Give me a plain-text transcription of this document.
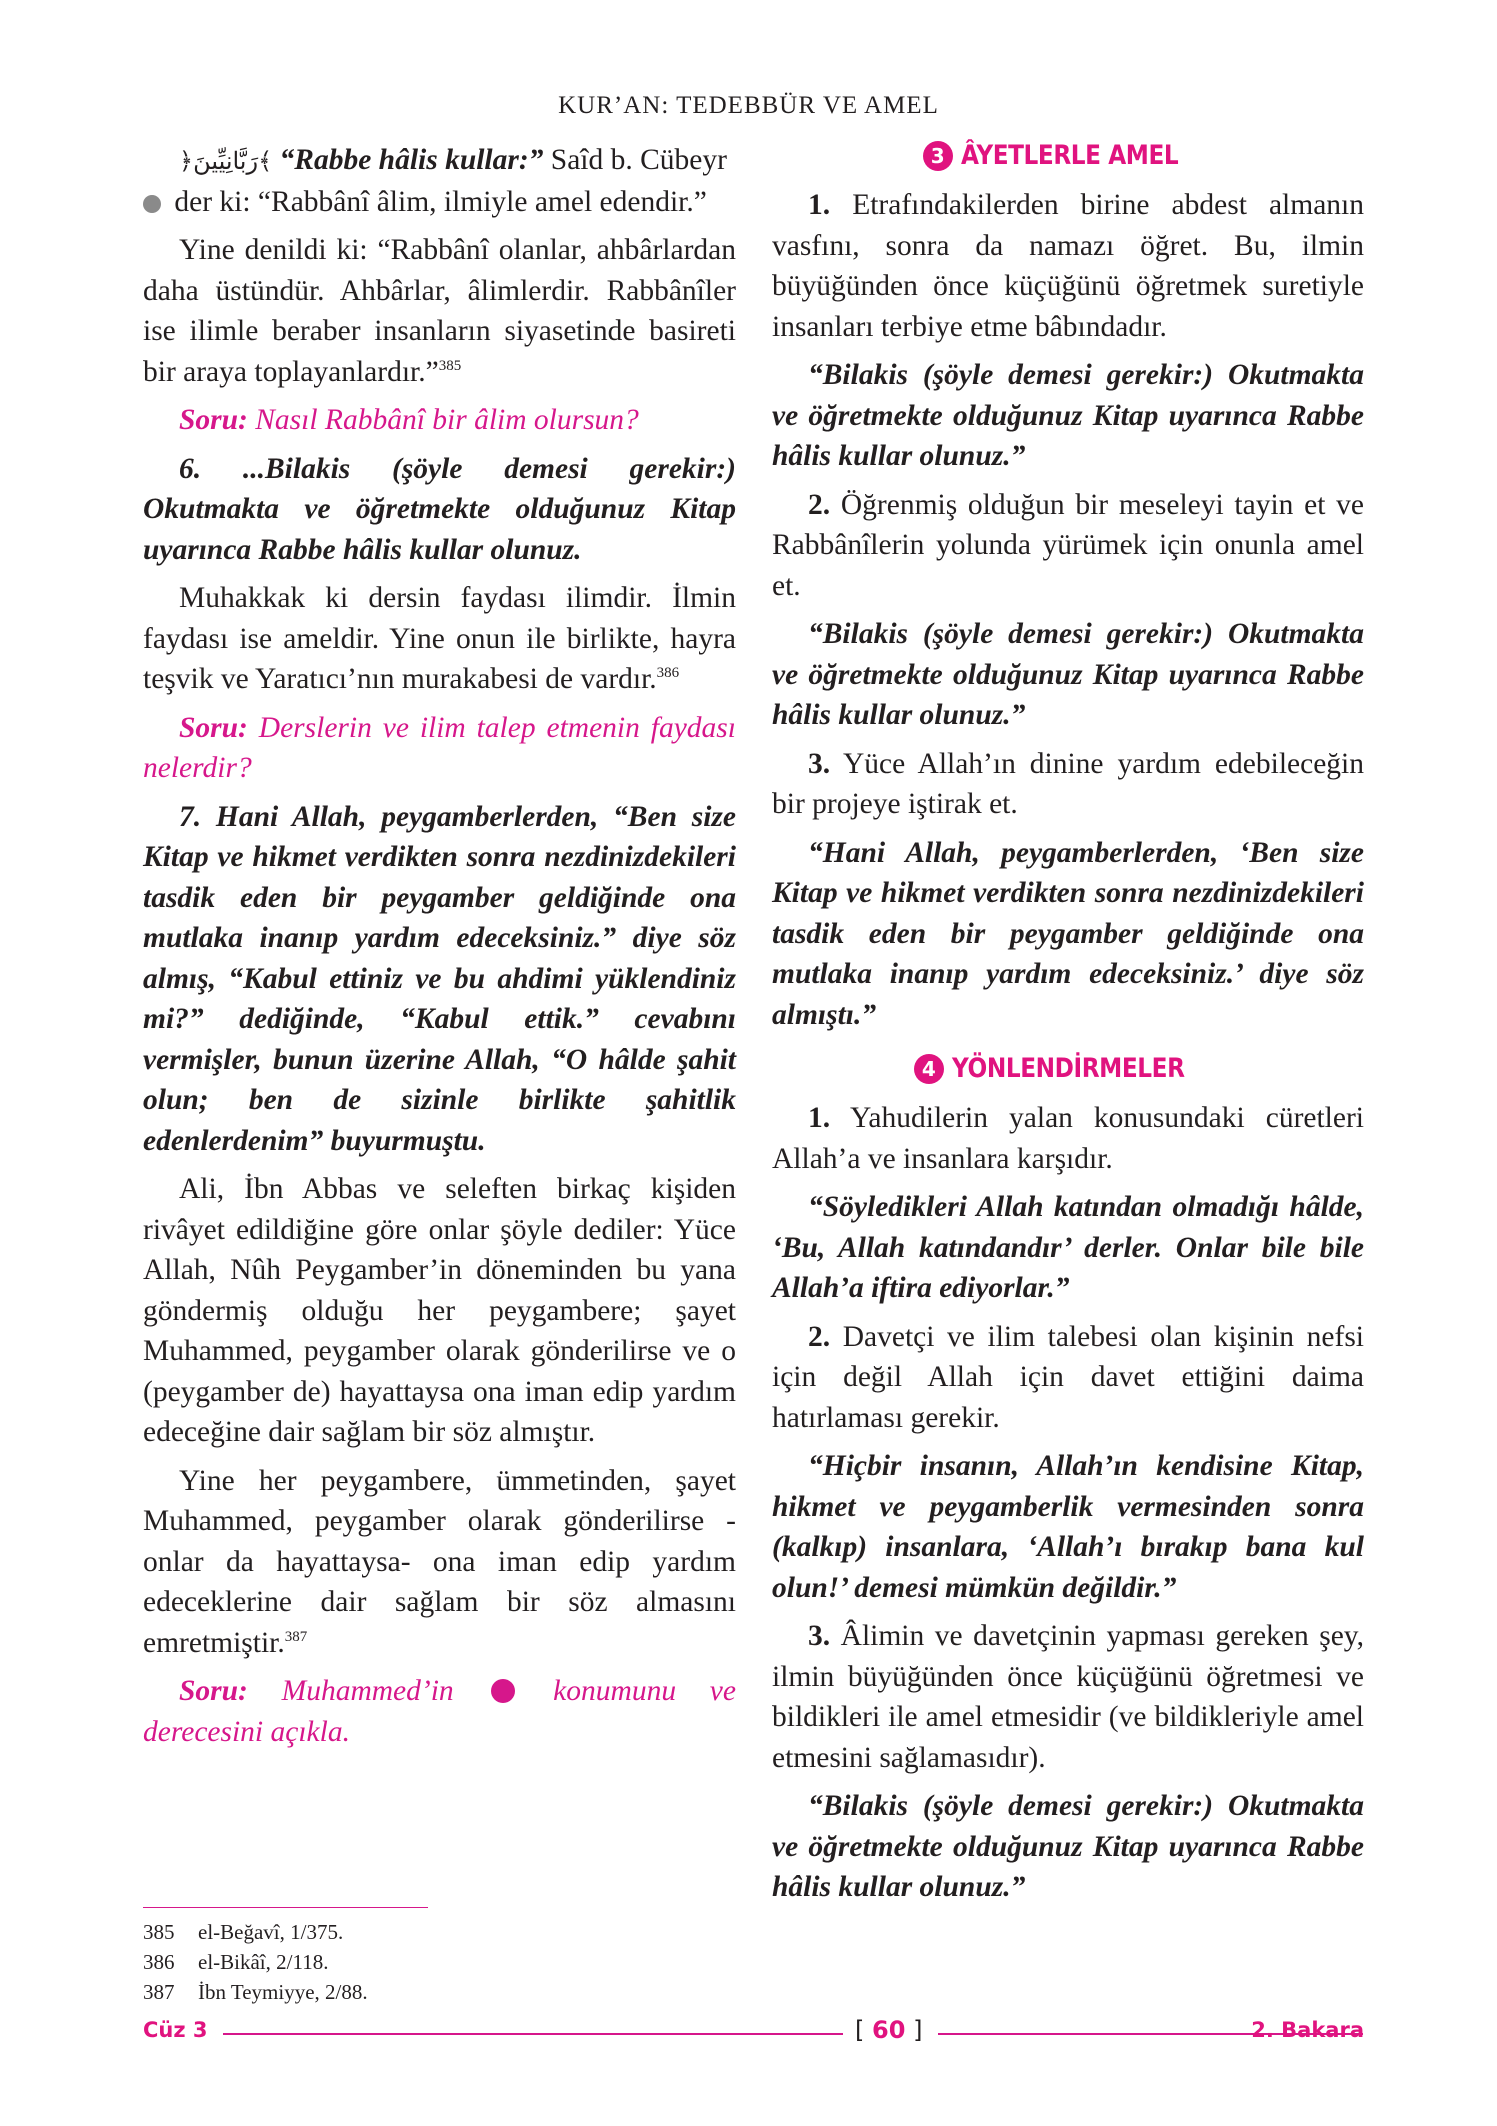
KUR’AN: TEDEBBÜR VE AMEL

﴿رَبَّانِيِّينَ﴾ “Rabbe hâlis kullar:” Saîd b. Cübeyr
der ki: “Rabbânî âlim, ilmiyle amel edendir.”

Yine denildi ki: “Rabbânî olanlar, ahbârlardan daha üstündür. Ahbârlar, âlimlerdir. Rabbânîler ise ilimle beraber insanların siyasetinde basireti bir araya toplayanlardır.”$^{385}$

Soru: Nasıl Rabbânî bir âlim olursun?

6. ...Bilakis (şöyle demesi gerekir:) Okutmakta ve öğretmekte olduğunuz Kitap uyarınca Rabbe hâlis kullar olunuz.

Muhakkak ki dersin faydası ilimdir. İlmin faydası ise ameldir. Yine onun ile birlikte, hayra teşvik ve Yaratıcı’nın murakabesi de vardır.$^{386}$

Soru: Derslerin ve ilim talep etmenin faydası nelerdir?

7. Hani Allah, peygamberlerden, “Ben size Kitap ve hikmet verdikten sonra nezdinizdekileri tasdik eden bir peygamber geldiğinde ona mutlaka inanıp yardım edeceksiniz.” diye söz almış, “Kabul ettiniz ve bu ahdimi yüklendiniz mi?” dediğinde, “Kabul ettik.” cevabını vermişler, bunun üzerine Allah, “O hâlde şahit olun; ben de sizinle birlikte şahitlik edenlerdenim” buyurmuştu.

Ali, İbn Abbas ve seleften birkaç kişiden rivâyet edildiğine göre onlar şöyle dediler: Yüce Allah, Nûh Peygamber’in döneminden bu yana göndermiş olduğu her peygambere; şayet Muhammed, peygamber olarak gönderilirse ve o (peygamber de) hayattaysa ona iman edip yardım edeceğine dair sağlam bir söz almıştır.

Yine her peygambere, ümmetinden, şayet Muhammed, peygamber olarak gönderilirse -onlar da hayattaysa- ona iman edip yardım edeceklerine dair sağlam bir söz almasını emretmiştir.$^{387}$

Soru: Muhammed’in  konumunu ve derecesini açıkla.

3 ÂYETLERLE AMEL

1. Etrafındakilerden birine abdest almanın vasfını, sonra da namazı öğret. Bu, ilmin büyüğünden önce küçüğünü öğretmek suretiyle insanları terbiye etme bâbındadır.

“Bilakis (şöyle demesi gerekir:) Okutmakta ve öğretmekte olduğunuz Kitap uyarınca Rabbe hâlis kullar olunuz.”

2. Öğrenmiş olduğun bir meseleyi tayin et ve Rabbânîlerin yolunda yürümek için onunla amel et.

“Bilakis (şöyle demesi gerekir:) Okutmakta ve öğretmekte olduğunuz Kitap uyarınca Rabbe hâlis kullar olunuz.”

3. Yüce Allah’ın dinine yardım edebileceğin bir projeye iştirak et.

“Hani Allah, peygamberlerden, ‘Ben size Kitap ve hikmet verdikten sonra nezdinizdekileri tasdik eden bir peygamber geldiğinde ona mutlaka inanıp yardım edeceksiniz.’ diye söz almıştı.”

4 YÖNLENDİRMELER

1. Yahudilerin yalan konusundaki cüretleri Allah’a ve insanlara karşıdır.

“Söyledikleri Allah katından olmadığı hâlde, ‘Bu, Allah katındandır’ derler. Onlar bile bile Allah’a iftira ediyorlar.”

2. Davetçi ve ilim talebesi olan kişinin nefsi için değil Allah için davet ettiğini daima hatırlaması gerekir.

“Hiçbir insanın, Allah’ın kendisine Kitap, hikmet ve peygamberlik vermesinden sonra (kalkıp) insanlara, ‘Allah’ı bırakıp bana kul olun!’ demesi mümkün değildir.”

3. Âlimin ve davetçinin yapması gereken şey, ilmin büyüğünden önce küçüğünü öğretmesi ve bildikleri ile amel etmesidir (ve bildikleriyle amel etmesini sağlamasıdır).

“Bilakis (şöyle demesi gerekir:) Okutmakta ve öğretmekte olduğunuz Kitap uyarınca Rabbe hâlis kullar olunuz.”

385	el-Beğavî, 1/375.
386	el-Bikâî, 2/118.
387	İbn Teymiyye, 2/88.
Cüz 3	[ 60 ]	2. Bakara
